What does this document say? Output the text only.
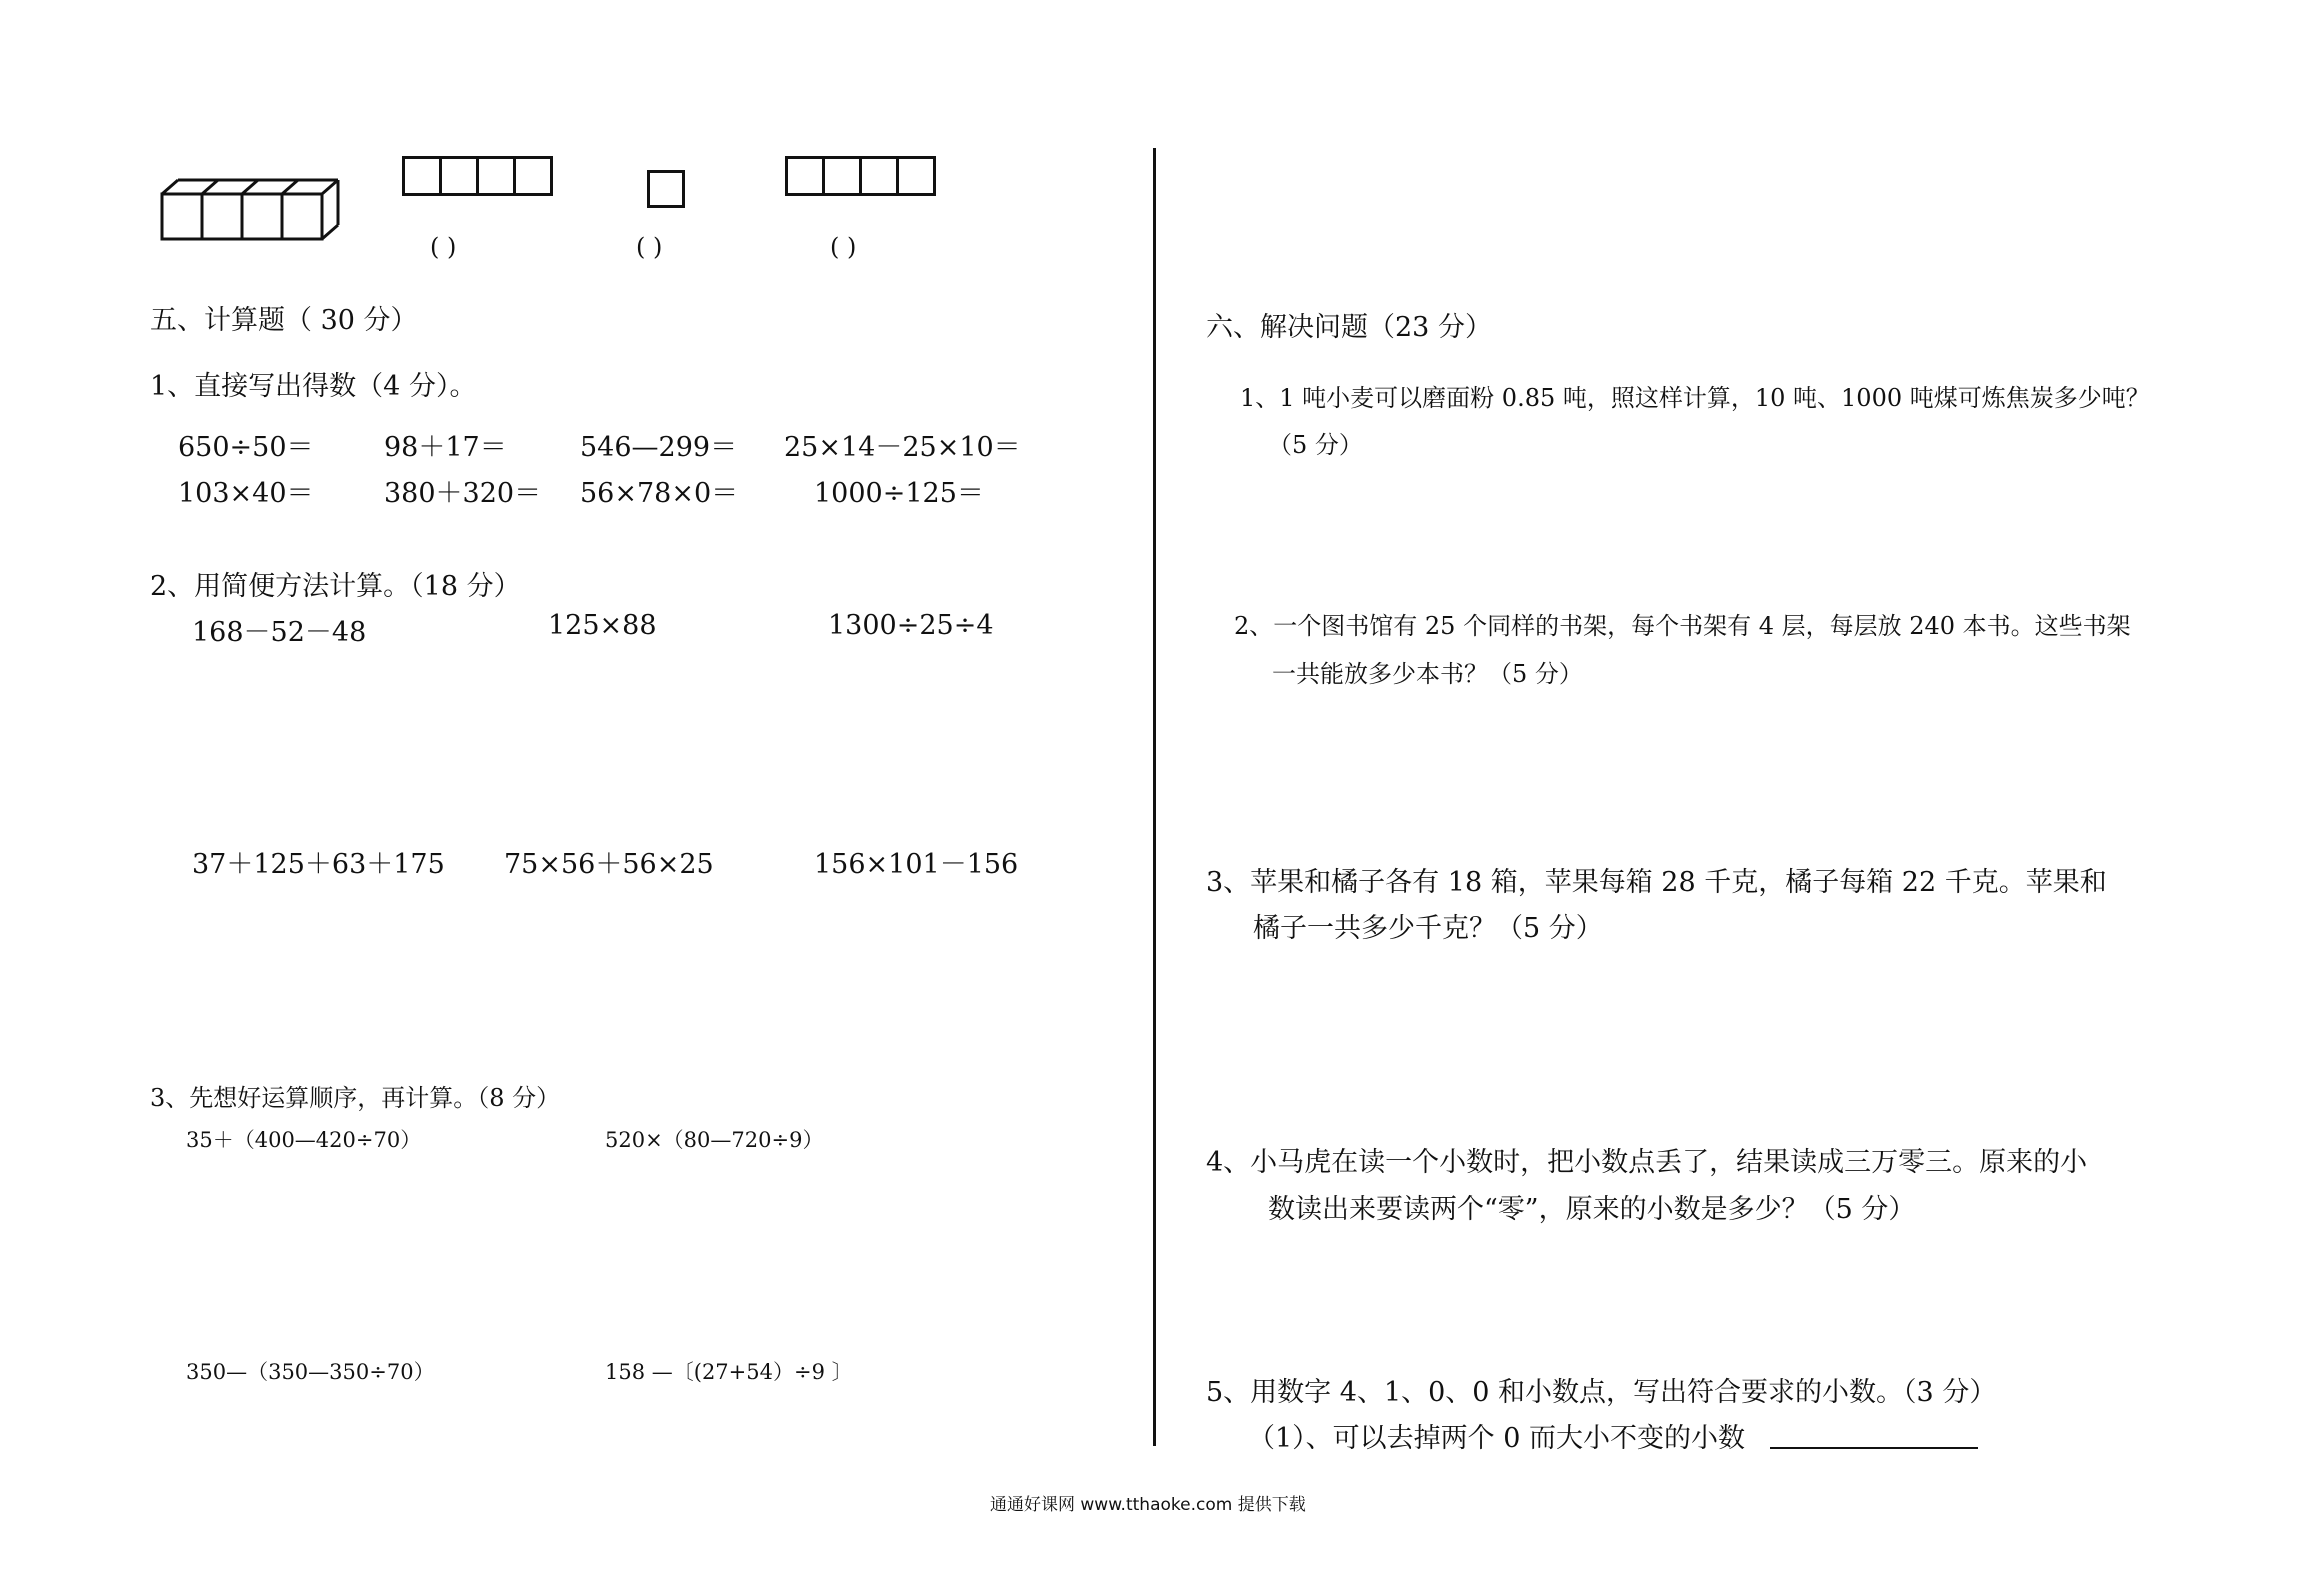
( )	( )	( )
五、计算题（ 30 分）
1、直接写出得数（4 分）。
650÷50＝	98＋17＝	546—299＝ 25×14－25×10＝
103×40＝	380＋320＝ 56×78×0＝	1000÷125＝
2、用简便方法计算。（18 分）
168－52－48	125×88	1300÷25÷4
37＋125＋63＋175 75×56＋56×25	156×101－156
3、先想好运算顺序，再计算。（8 分）
35＋（400—420÷70）	520×（80—720÷9）
350—（350—350÷70）	158 —〔(27+54）÷9 〕
六、解决问题（23 分）
1、1 吨小麦可以磨面粉 0.85 吨，照这样计算，10 吨、1000 吨煤可炼焦炭多少吨？
（5 分）
2、一个图书馆有 25 个同样的书架，每个书架有 4 层，每层放 240 本书。这些书架
一共能放多少本书？（5 分）
3、苹果和橘子各有 18 箱，苹果每箱 28 千克，橘子每箱 22 千克。苹果和
橘子一共多少千克？（5 分）
4、小马虎在读一个小数时，把小数点丢了，结果读成三万零三。原来的小
数读出来要读两个“零”，原来的小数是多少？（5 分）
5、用数字 4、1、0、0 和小数点，写出符合要求的小数。（3 分）
（1）、可以去掉两个 0 而大小不变的小数
通通好课网 www.tthaoke.com 提供下载
